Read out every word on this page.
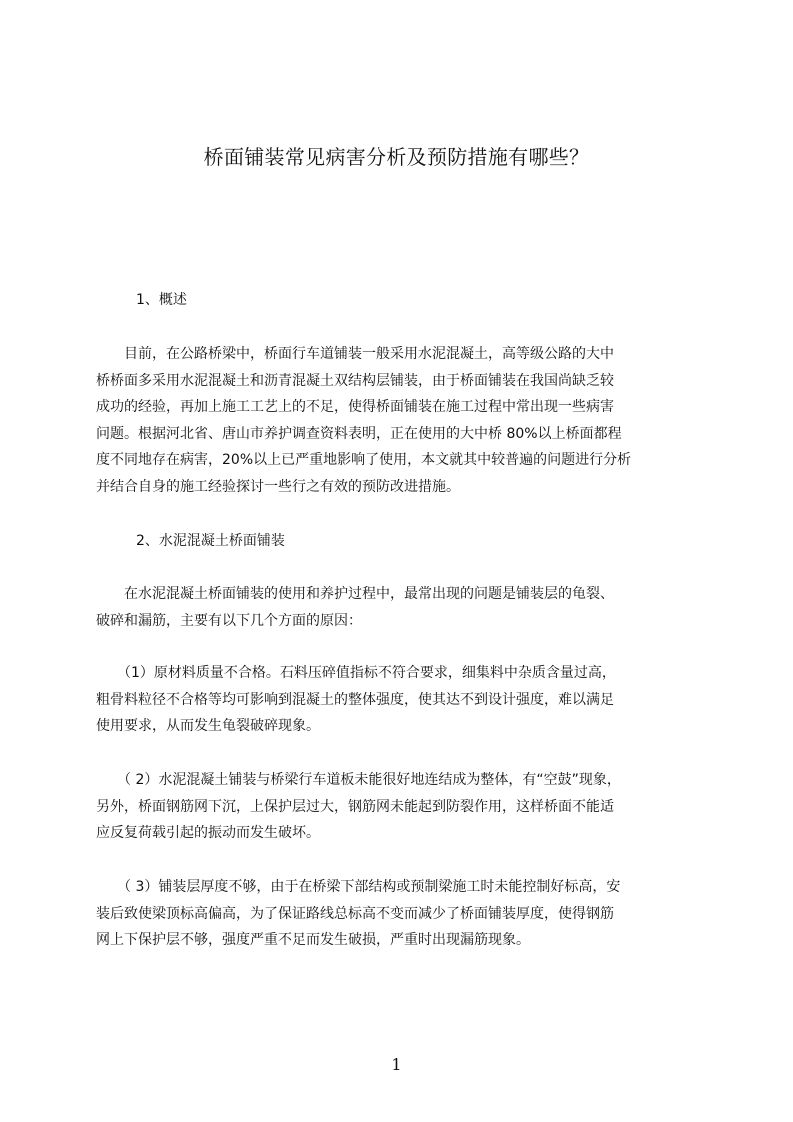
桥面铺装常见病害分析及预防措施有哪些？

1、概述

　　目前，在公路桥梁中，桥面行车道铺装一般采用水泥混凝土，高等级公路的大中
桥桥面多采用水泥混凝土和沥青混凝土双结构层铺装，由于桥面铺装在我国尚缺乏较
成功的经验，再加上施工工艺上的不足，使得桥面铺装在施工过程中常出现一些病害
问题。根据河北省、唐山市养护调查资料表明，正在使用的大中桥 80%以上桥面都程
度不同地存在病害，20%以上已严重地影响了使用，本文就其中较普遍的问题进行分析
并结合自身的施工经验探讨一些行之有效的预防改进措施。

2、水泥混凝土桥面铺装

　　在水泥混凝土桥面铺装的使用和养护过程中，最常出现的问题是铺装层的龟裂、
破碎和漏筋，主要有以下几个方面的原因：
　　（1）原材料质量不合格。石料压碎值指标不符合要求，细集料中杂质含量过高，
粗骨料粒径不合格等均可影响到混凝土的整体强度，使其达不到设计强度，难以满足
使用要求，从而发生龟裂破碎现象。
　　（ 2）水泥混凝土铺装与桥梁行车道板未能很好地连结成为整体，有“空鼓”现象，
另外，桥面钢筋网下沉，上保护层过大，钢筋网未能起到防裂作用，这样桥面不能适
应反复荷载引起的振动而发生破坏。
　　（ 3）铺装层厚度不够，由于在桥梁下部结构或预制梁施工时未能控制好标高，安
装后致使梁顶标高偏高，为了保证路线总标高不变而减少了桥面铺装厚度，使得钢筋
网上下保护层不够，强度严重不足而发生破损，严重时出现漏筋现象。
1
